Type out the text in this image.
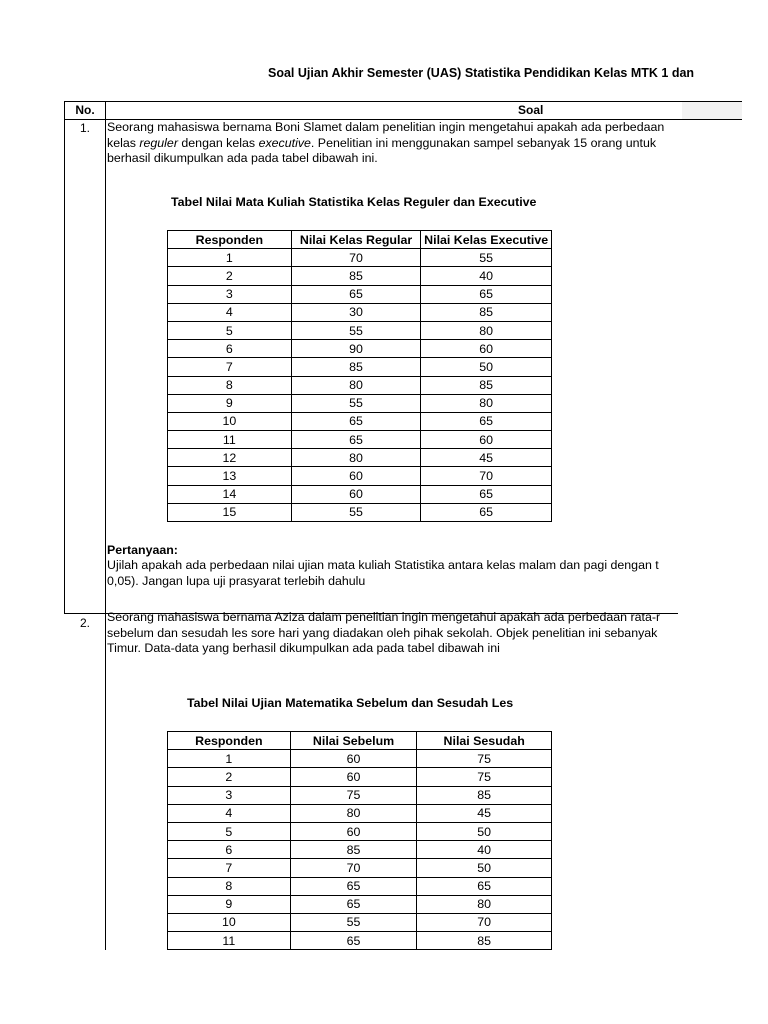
Soal Ujian Akhir Semester (UAS) Statistika Pendidikan Kelas MTK 1 dan
No.	Soal
1.	Seorang mahasiswa bernama Boni Slamet dalam penelitian ingin mengetahui apakah ada perbedaan
kelas reguler dengan kelas executive. Penelitian ini menggunakan sampel sebanyak 15 orang untuk
berhasil dikumpulkan ada pada tabel dibawah ini.
Tabel Nilai Mata Kuliah Statistika Kelas Reguler dan Executive
Responden	Nilai Kelas Regular	Nilai Kelas Executive
1	70	55
2	85	40
3	65	65
4	30	85
5	55	80
6	90	60
7	85	50
8	80	85
9	55	80
10	65	65
11	65	60
12	80	45
13	60	70
14	60	65
15	55	65
Pertanyaan:
Ujilah apakah ada perbedaan nilai ujian mata kuliah Statistika antara kelas malam dan pagi dengan t
0,05). Jangan lupa uji prasyarat terlebih dahulu
2.	Seorang mahasiswa bernama Aziza dalam penelitian ingin mengetahui apakah ada perbedaan rata-r
sebelum dan sesudah les sore hari yang diadakan oleh pihak sekolah. Objek penelitian ini sebanyak
Timur. Data-data yang berhasil dikumpulkan ada pada tabel dibawah ini
Tabel Nilai Ujian Matematika Sebelum dan Sesudah Les
Responden	Nilai Sebelum	Nilai Sesudah
1	60	75
2	60	75
3	75	85
4	80	45
5	60	50
6	85	40
7	70	50
8	65	65
9	65	80
10	55	70
11	65	85
